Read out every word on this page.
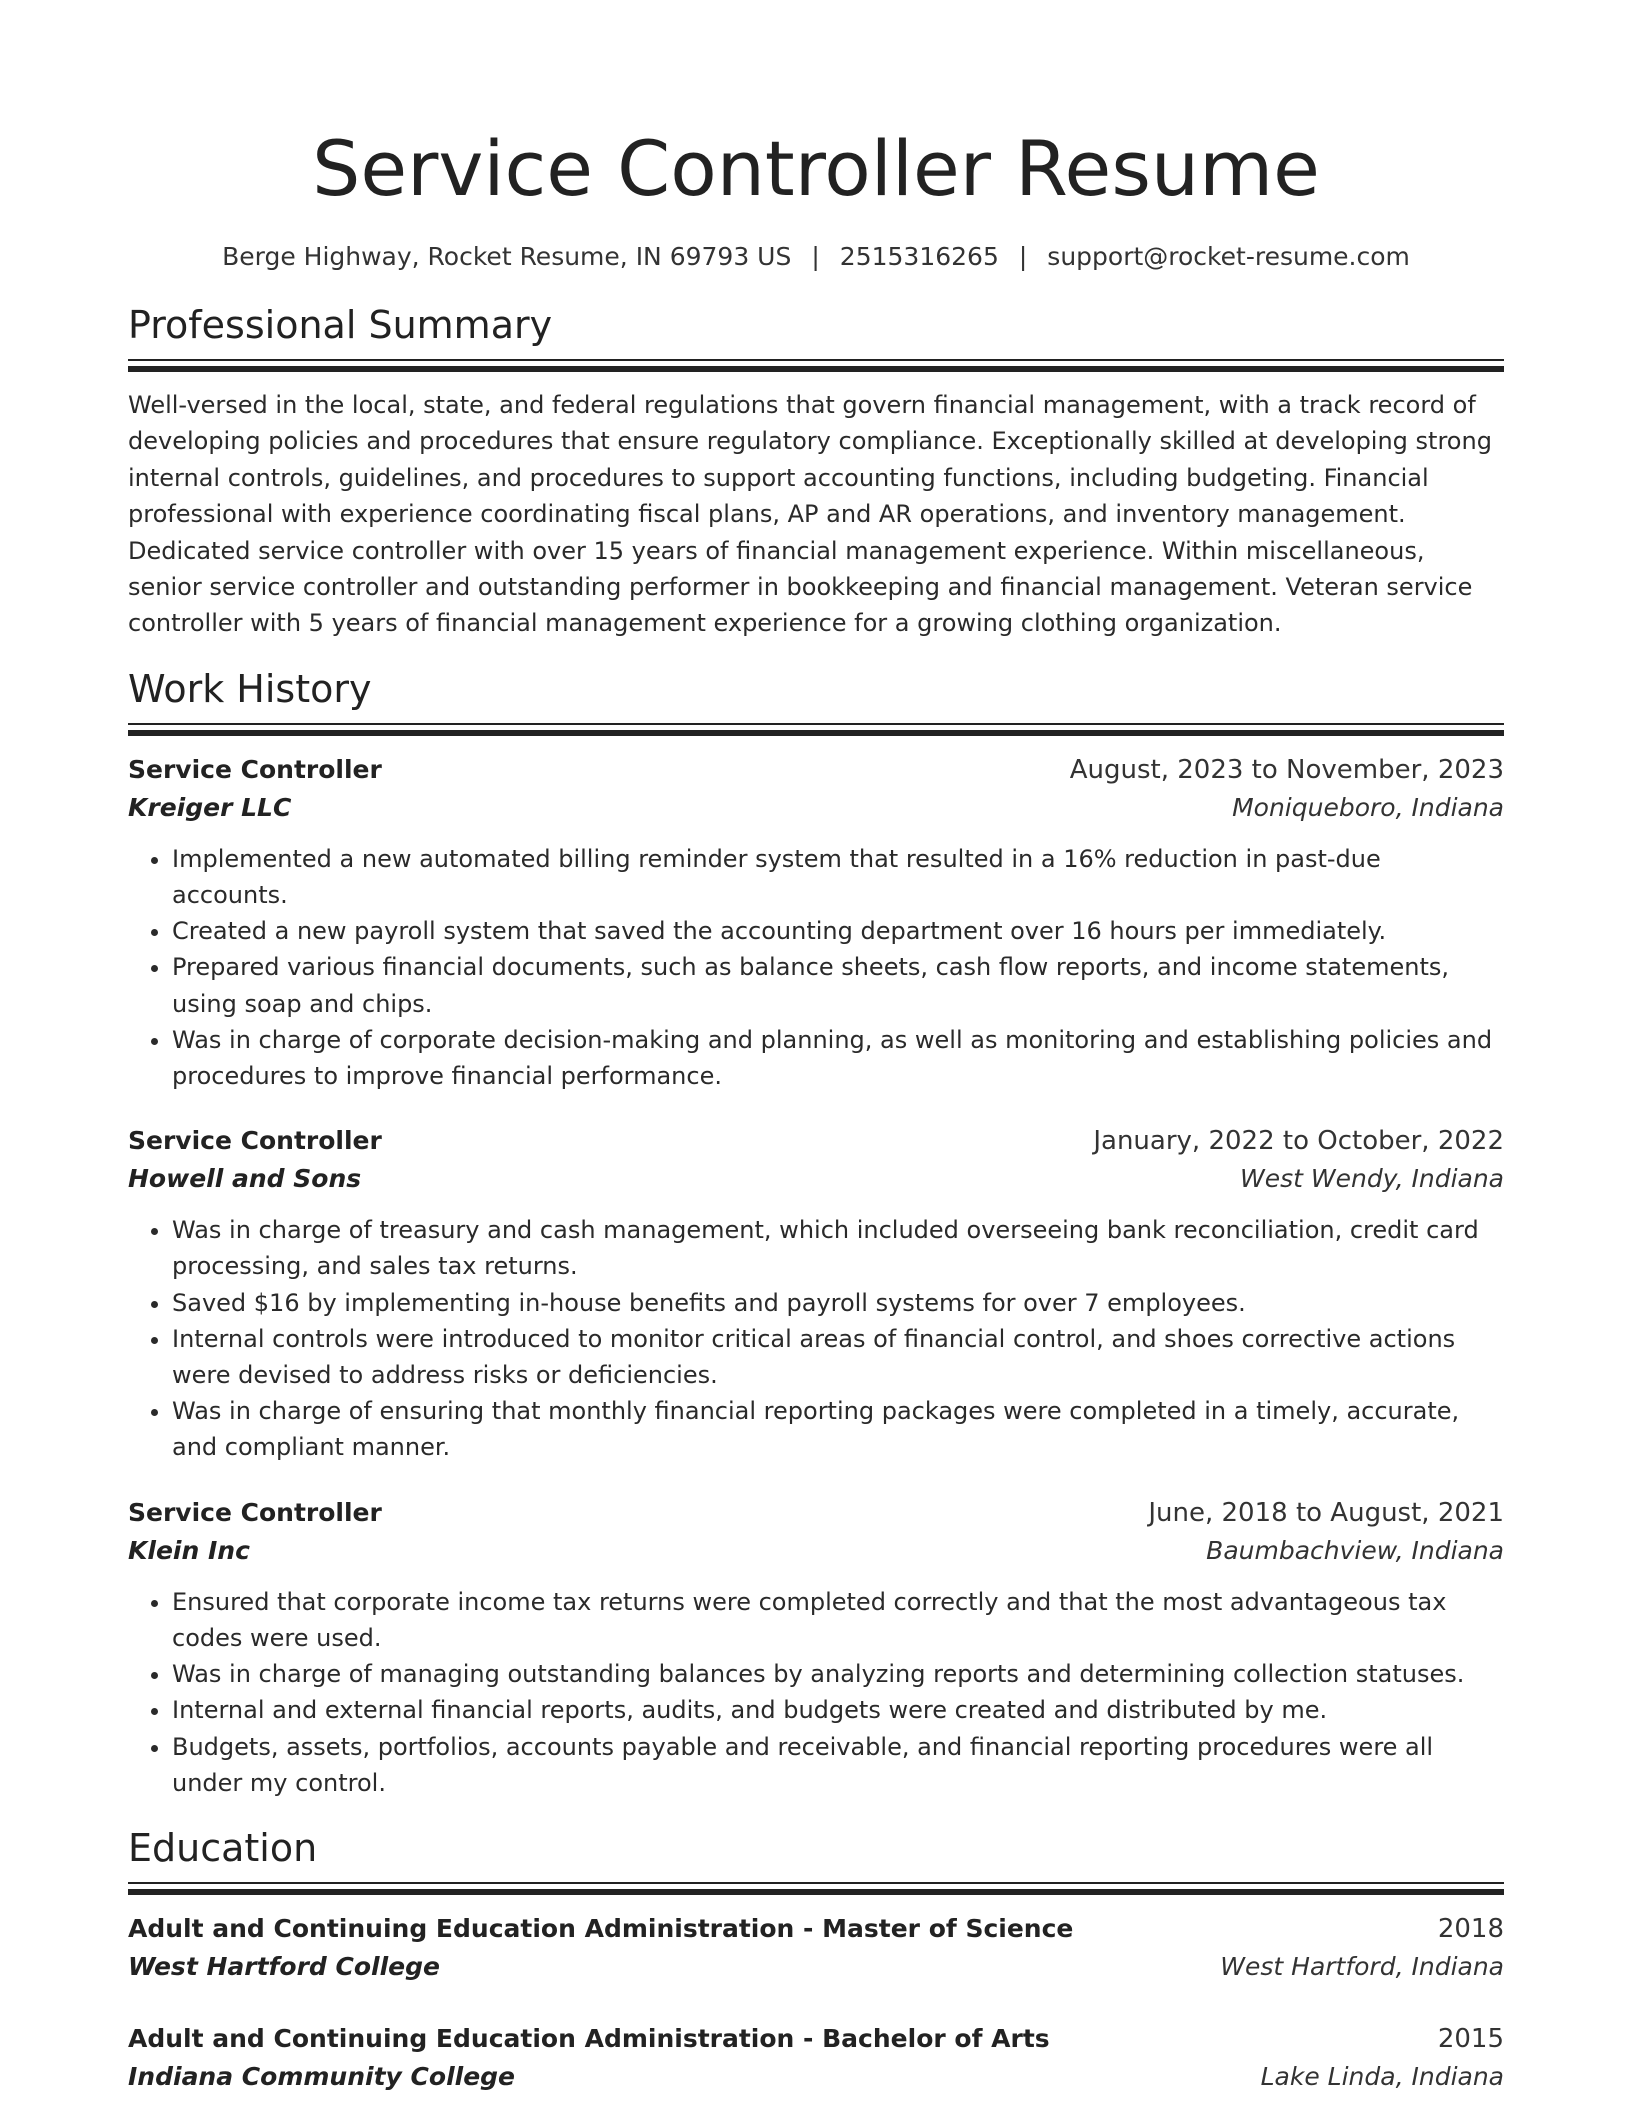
Service Controller Resume
Berge Highway, Rocket Resume, IN 69793 US | 2515316265 | support@rocket-resume.com
Professional Summary
Well-versed in the local, state, and federal regulations that govern financial management, with a track record of developing policies and procedures that ensure regulatory compliance. Exceptionally skilled at developing strong internal controls, guidelines, and procedures to support accounting functions, including budgeting. Financial professional with experience coordinating fiscal plans, AP and AR operations, and inventory management. Dedicated service controller with over 15 years of financial management experience. Within miscellaneous, senior service controller and outstanding performer in bookkeeping and financial management. Veteran service controller with 5 years of financial management experience for a growing clothing organization.
Work History
Service Controller	August, 2023 to November, 2023
Kreiger LLC	Moniqueboro, Indiana
• Implemented a new automated billing reminder system that resulted in a 16% reduction in past-due accounts.
• Created a new payroll system that saved the accounting department over 16 hours per immediately.
• Prepared various financial documents, such as balance sheets, cash flow reports, and income statements, using soap and chips.
• Was in charge of corporate decision-making and planning, as well as monitoring and establishing policies and procedures to improve financial performance.
Service Controller	January, 2022 to October, 2022
Howell and Sons	West Wendy, Indiana
• Was in charge of treasury and cash management, which included overseeing bank reconciliation, credit card processing, and sales tax returns.
• Saved $16 by implementing in-house benefits and payroll systems for over 7 employees.
• Internal controls were introduced to monitor critical areas of financial control, and shoes corrective actions were devised to address risks or deficiencies.
• Was in charge of ensuring that monthly financial reporting packages were completed in a timely, accurate, and compliant manner.
Service Controller	June, 2018 to August, 2021
Klein Inc	Baumbachview, Indiana
• Ensured that corporate income tax returns were completed correctly and that the most advantageous tax codes were used.
• Was in charge of managing outstanding balances by analyzing reports and determining collection statuses.
• Internal and external financial reports, audits, and budgets were created and distributed by me.
• Budgets, assets, portfolios, accounts payable and receivable, and financial reporting procedures were all under my control.
Education
Adult and Continuing Education Administration - Master of Science	2018
West Hartford College	West Hartford, Indiana
Adult and Continuing Education Administration - Bachelor of Arts	2015
Indiana Community College	Lake Linda, Indiana
